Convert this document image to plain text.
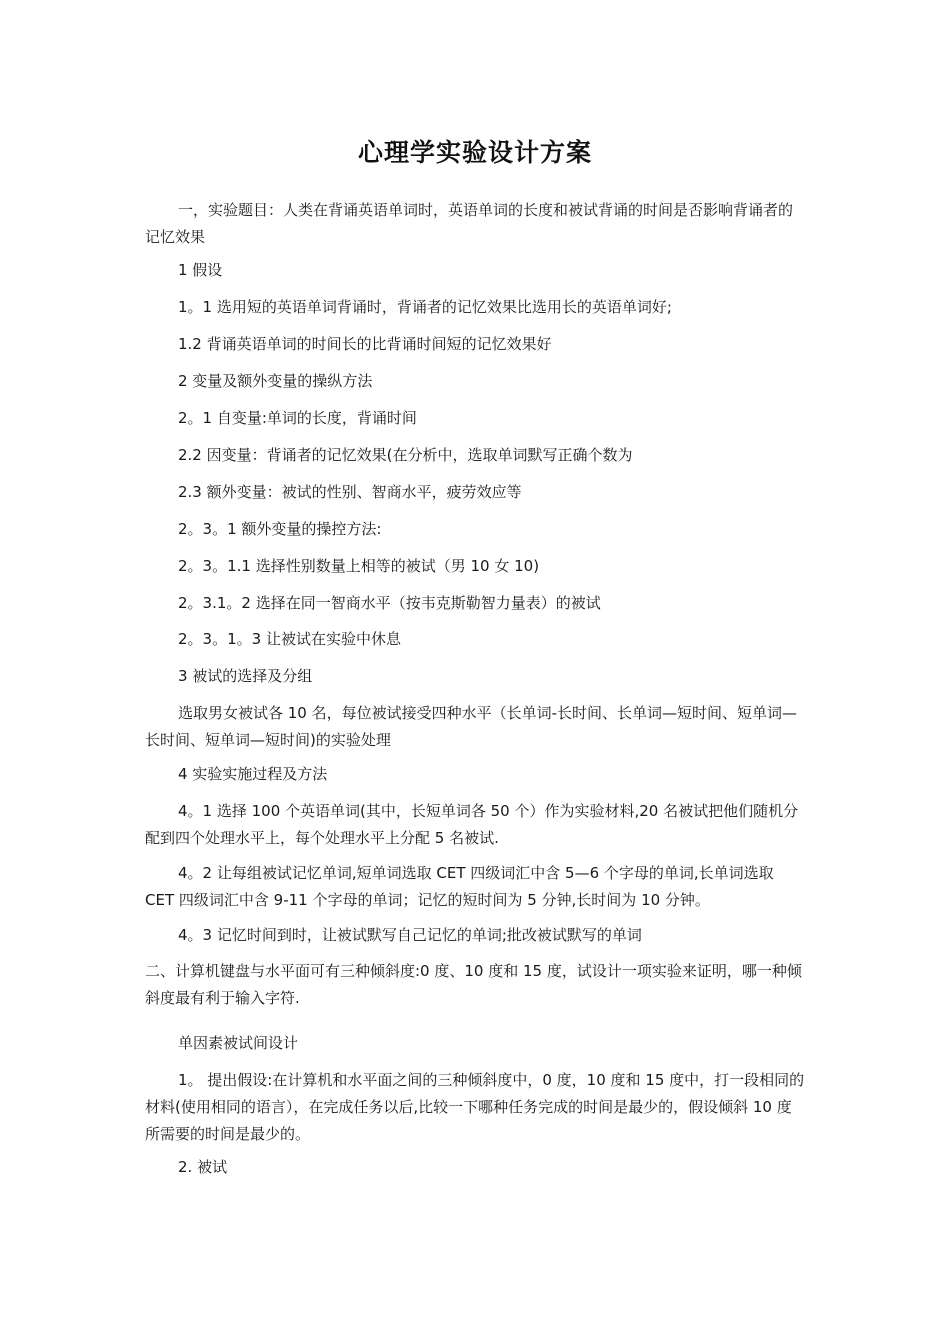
心理学实验设计方案

一，实验题目：人类在背诵英语单词时，英语单词的长度和被试背诵的时间是否影响背诵者的记忆效果

1 假设

1。1 选用短的英语单词背诵时，背诵者的记忆效果比选用长的英语单词好;

1.2 背诵英语单词的时间长的比背诵时间短的记忆效果好

2 变量及额外变量的操纵方法

2。1 自变量:单词的长度，背诵时间

2.2 因变量：背诵者的记忆效果(在分析中，选取单词默写正确个数为

2.3 额外变量：被试的性别、智商水平，疲劳效应等

2。3。1 额外变量的操控方法:

2。3。1.1 选择性别数量上相等的被试（男 10 女 10)

2。3.1。2 选择在同一智商水平（按韦克斯勒智力量表）的被试

2。3。1。3 让被试在实验中休息

3 被试的选择及分组

选取男女被试各 10 名，每位被试接受四种水平（长单词-长时间、长单词—短时间、短单词—长时间、短单词—短时间)的实验处理

4 实验实施过程及方法

4。1 选择 100 个英语单词(其中，长短单词各 50 个）作为实验材料,20 名被试把他们随机分配到四个处理水平上，每个处理水平上分配 5 名被试.

4。2 让每组被试记忆单词,短单词选取 CET 四级词汇中含 5—6 个字母的单词,长单词选取 CET 四级词汇中含 9-11 个字母的单词；记忆的短时间为 5 分钟,长时间为 10 分钟。

4。3 记忆时间到时，让被试默写自己记忆的单词;批改被试默写的单词

二、计算机键盘与水平面可有三种倾斜度:0 度、10 度和 15 度，试设计一项实验来证明，哪一种倾斜度最有利于输入字符.

单因素被试间设计

1。 提出假设:在计算机和水平面之间的三种倾斜度中，0 度，10 度和 15 度中，打一段相同的材料(使用相同的语言），在完成任务以后,比较一下哪种任务完成的时间是最少的，假设倾斜 10 度所需要的时间是最少的。

2. 被试
